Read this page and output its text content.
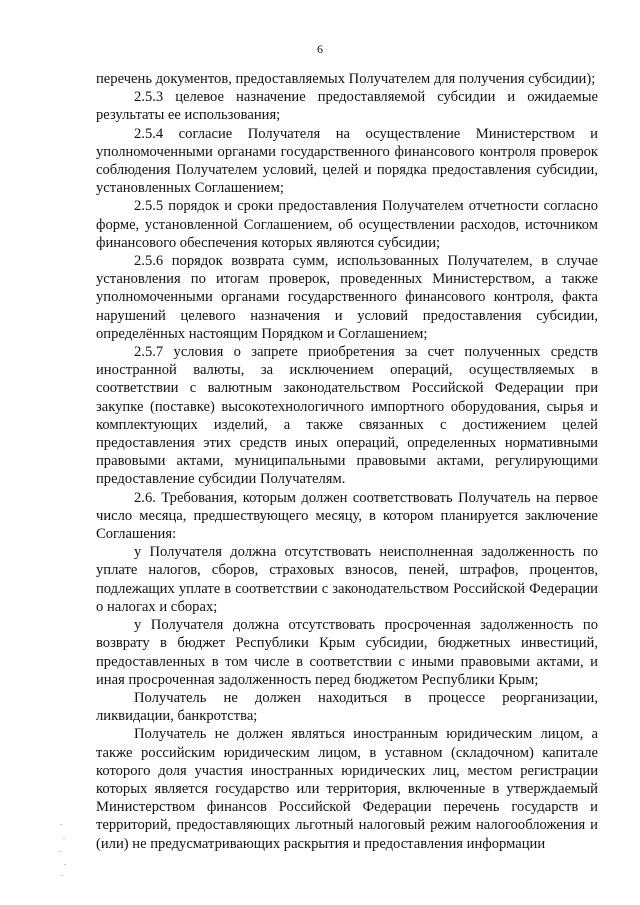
6

перечень документов, предоставляемых Получателем для получения субсидии);

2.5.3 целевое назначение предоставляемой субсидии и ожидаемые результаты ее использования;

2.5.4 согласие Получателя на осуществление Министерством и уполномоченными органами государственного финансового контроля проверок соблюдения Получателем условий, целей и порядка предоставления субсидии, установленных Соглашением;

2.5.5 порядок и сроки предоставления Получателем отчетности согласно форме, установленной Соглашением, об осуществлении расходов, источником финансового обеспечения которых являются субсидии;

2.5.6 порядок возврата сумм, использованных Получателем, в случае установления по итогам проверок, проведенных Министерством, а также уполномоченными органами государственного финансового контроля, факта нарушений целевого назначения и условий предоставления субсидии, определённых настоящим Порядком и Соглашением;

2.5.7 условия о запрете приобретения за счет полученных средств иностранной валюты, за исключением операций, осуществляемых в соответствии с валютным законодательством Российской Федерации при закупке (поставке) высокотехнологичного импортного оборудования, сырья и комплектующих изделий, а также связанных с достижением целей предоставления этих средств иных операций, определенных нормативными правовыми актами, муниципальными правовыми актами, регулирующими предоставление субсидии Получателям.

2.6. Требования, которым должен соответствовать Получатель на первое число месяца, предшествующего месяцу, в котором планируется заключение Соглашения:

у Получателя должна отсутствовать неисполненная задолженность по уплате налогов, сборов, страховых взносов, пеней, штрафов, процентов, подлежащих уплате в соответствии с законодательством Российской Федерации о налогах и сборах;

у Получателя должна отсутствовать просроченная задолженность по возврату в бюджет Республики Крым субсидии, бюджетных инвестиций, предоставленных в том числе в соответствии с иными правовыми актами, и иная просроченная задолженность перед бюджетом Республики Крым;

Получатель не должен находиться в процессе реорганизации, ликвидации, банкротства;

Получатель не должен являться иностранным юридическим лицом, а также российским юридическим лицом, в уставном (складочном) капитале которого доля участия иностранных юридических лиц, местом регистрации которых является государство или территория, включенные в утверждаемый Министерством финансов Российской Федерации перечень государств и территорий, предоставляющих льготный налоговый режим налогообложения и (или) не предусматривающих раскрытия и предоставления информации
